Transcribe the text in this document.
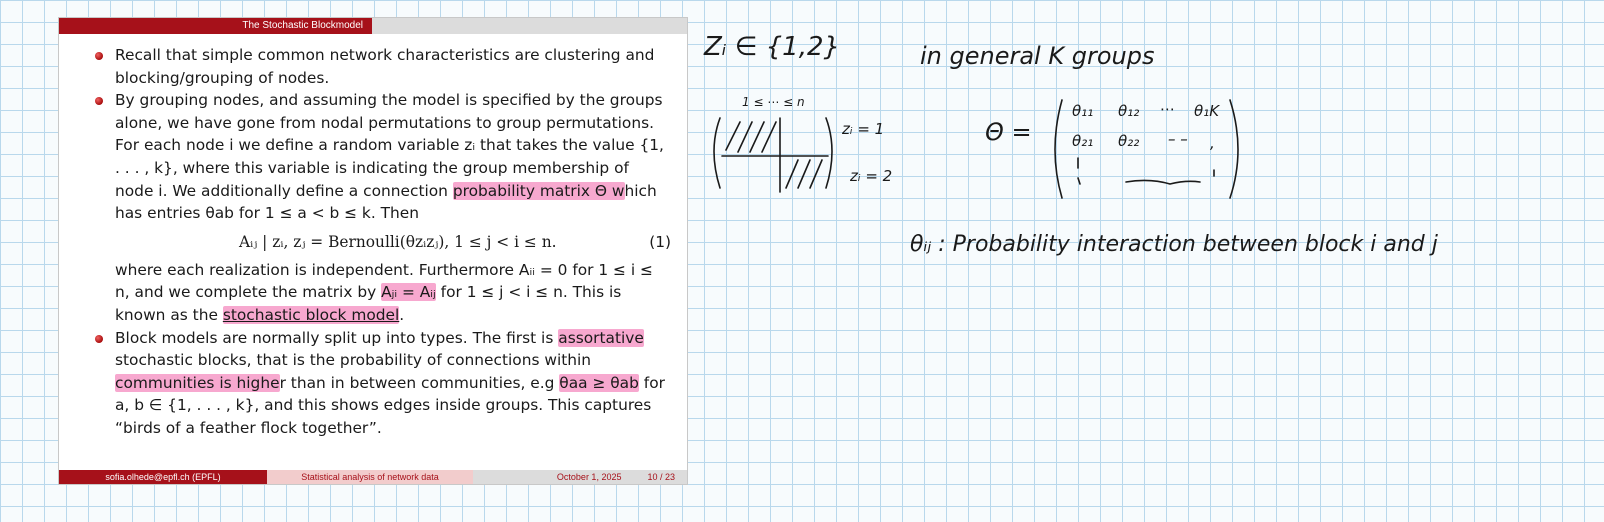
The Stochastic Blockmodel

Recall that simple common network characteristics are clustering and blocking/grouping of nodes.

By grouping nodes, and assuming the model is specified by the groups alone, we have gone from nodal permutations to group permutations. For each node i we define a random variable zᵢ that takes the value {1, . . . , k}, where this variable is indicating the group membership of node i. We additionally define a connection probability matrix Θ which has entries θab for 1 ≤ a < b ≤ k. Then

Aᵢⱼ | zᵢ, zⱼ = Bernoulli(θzᵢzⱼ), 1 ≤ j < i ≤ n.	(1)

where each realization is independent. Furthermore Aᵢᵢ = 0 for 1 ≤ i ≤ n, and we complete the matrix by Aⱼᵢ = Aᵢⱼ for 1 ≤ j < i ≤ n. This is known as the stochastic block model.

Block models are normally split up into types. The first is assortative stochastic blocks, that is the probability of connections within communities is higher than in between communities, e.g θaa ≥ θab for a, b ∈ {1, . . . , k}, and this shows edges inside groups. This captures “birds of a feather flock together”.

sofia.olhede@epfl.ch (EPFL)	Statistical analysis of network data	October 1, 2025	10 / 23
Zᵢ ∈ {1,2}
1 ≤ ⋯ ≤ n
zᵢ = 1
zᵢ = 2
in general K groups
Θ =
θ₁₁ θ₁₂ ⋯ θ₁K
θ₂₁ θ₂₂ – – ,
θᵢⱼ : Probability interaction between block i and j
